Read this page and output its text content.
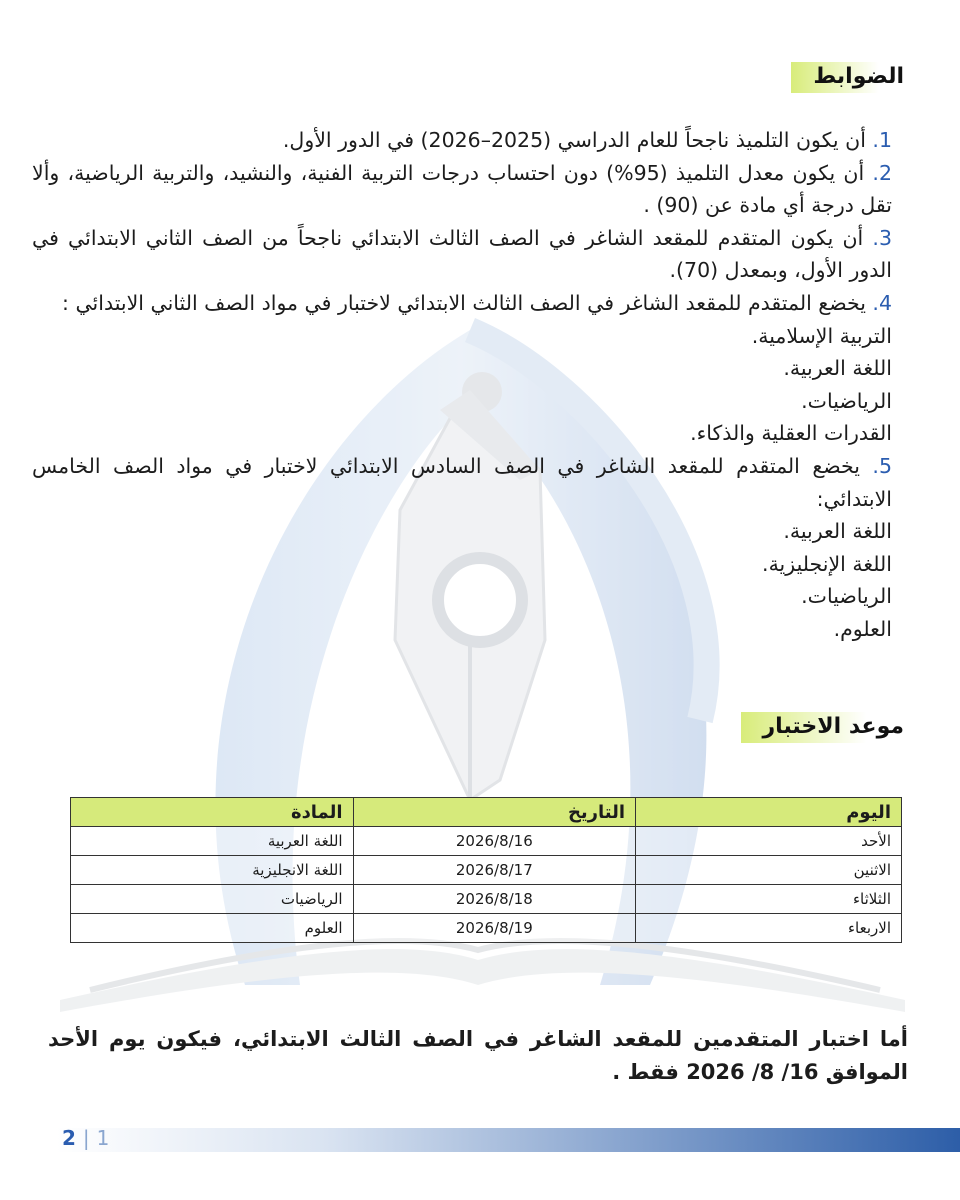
الضوابط

1. أن يكون التلميذ ناجحاً للعام الدراسي (2025–2026) في الدور الأول.

2. أن يكون معدل التلميذ (95%) دون احتساب درجات التربية الفنية، والنشيد، والتربية الرياضية، وألا تقل درجة أي مادة عن (90) .

3. أن يكون المتقدم للمقعد الشاغر في الصف الثالث الابتدائي ناجحاً من الصف الثاني الابتدائي في الدور الأول، وبمعدل (70).

4. يخضع المتقدم للمقعد الشاغر في الصف الثالث الابتدائي لاختبار في مواد الصف الثاني الابتدائي :

التربية الإسلامية.

اللغة العربية.

الرياضيات.

القدرات العقلية والذكاء.

5. يخضع المتقدم للمقعد الشاغر في الصف السادس الابتدائي لاختبار في مواد الصف الخامس الابتدائي:

اللغة العربية.

اللغة الإنجليزية.

الرياضيات.

العلوم.

موعد الاختبار
اليوم	التاريخ	المادة
الأحد	2026/8/16	اللغة العربية
الاثنين	2026/8/17	اللغة الانجليزية
الثلاثاء	2026/8/18	الرياضيات
الاربعاء	2026/8/19	العلوم

أما اختبار المتقدمين للمقعد الشاغر في الصف الثالث الابتدائي، فيكون يوم الأحد الموافق 16/ 8/ 2026 فقط .

2 | 1
